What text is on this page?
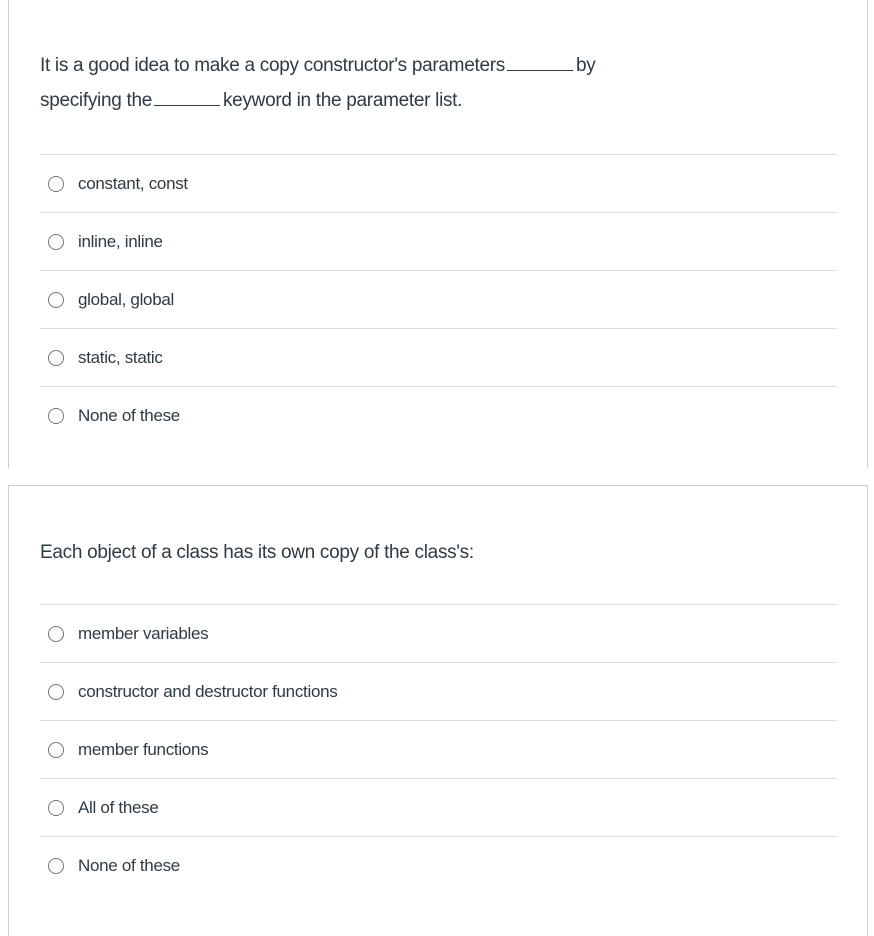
It is a good idea to make a copy constructor's parameters	by
specifying the	keyword in the parameter list.
constant, const
inline, inline
global, global
static, static
None of these
Each object of a class has its own copy of the class's:
member variables
constructor and destructor functions
member functions
All of these
None of these
